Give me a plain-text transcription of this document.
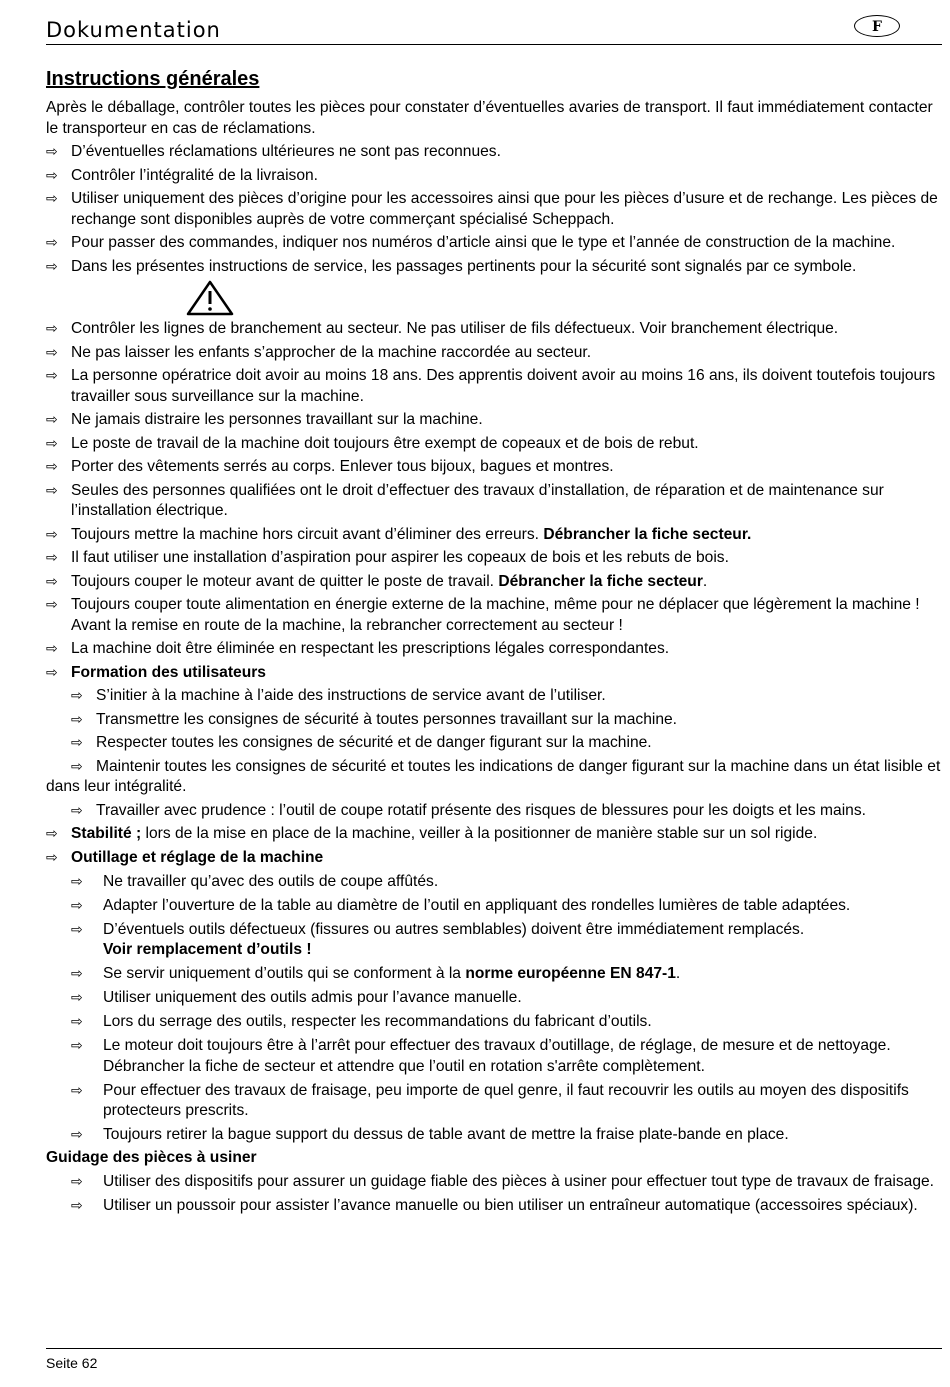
Dokumentation	F
Instructions générales

Après le déballage, contrôler toutes les pièces pour constater d’éventuelles avaries de transport. Il faut immédiatement contacter le transporteur en cas de réclamations.

⇨ D’éventuelles réclamations ultérieures ne sont pas reconnues.
⇨ Contrôler l’intégralité de la livraison.
⇨ Utiliser uniquement des pièces d’origine pour les accessoires ainsi que pour les pièces d’usure et de rechange. Les pièces de rechange sont disponibles auprès de votre commerçant spécialisé Scheppach.
⇨ Pour passer des commandes, indiquer nos numéros d’article ainsi que le type et l’année de construction de la machine.
⇨ Dans les présentes instructions de service, les passages pertinents pour la sécurité sont signalés par ce symbole.
⇨ Contrôler les lignes de branchement au secteur. Ne pas utiliser de fils défectueux. Voir branchement électrique.
⇨ Ne pas laisser les enfants s’approcher de la machine raccordée au secteur.
⇨ La personne opératrice doit avoir au moins 18 ans. Des apprentis doivent avoir au moins 16 ans, ils doivent toutefois toujours travailler sous surveillance sur la machine.
⇨ Ne jamais distraire les personnes travaillant sur la machine.
⇨ Le poste de travail de la machine doit toujours être exempt de copeaux et de bois de rebut.
⇨ Porter des vêtements serrés au corps. Enlever tous bijoux, bagues et montres.
⇨ Seules des personnes qualifiées ont le droit d’effectuer des travaux d’installation, de réparation et de maintenance sur l’installation électrique.
⇨ Toujours mettre la machine hors circuit avant d’éliminer des erreurs. Débrancher la fiche secteur.
⇨ Il faut utiliser une installation d’aspiration pour aspirer les copeaux de bois et les rebuts de bois.
⇨ Toujours couper le moteur avant de quitter le poste de travail. Débrancher la fiche secteur.
⇨ Toujours couper toute alimentation en énergie externe de la machine, même pour ne déplacer que légèrement la machine ! Avant la remise en route de la machine, la rebrancher correctement au secteur !
⇨ La machine doit être éliminée en respectant les prescriptions légales correspondantes.
⇨ Formation des utilisateurs
⇨ S’initier à la machine à l’aide des instructions de service avant de l’utiliser.
⇨ Transmettre les consignes de sécurité à toutes personnes travaillant sur la machine.
⇨ Respecter toutes les consignes de sécurité et de danger figurant sur la machine.
⇨ Maintenir toutes les consignes de sécurité et toutes les indications de danger figurant sur la machine dans un état lisible et dans leur intégralité.
⇨ Travailler avec prudence : l’outil de coupe rotatif présente des risques de blessures pour les doigts et les mains.
⇨ Stabilité ; lors de la mise en place de la machine, veiller à la positionner de manière stable sur un sol rigide.
⇨ Outillage et réglage de la machine
⇨ Ne travailler qu’avec des outils de coupe affûtés.
⇨ Adapter l’ouverture de la table au diamètre de l’outil en appliquant des rondelles lumières de table adaptées.
⇨ D’éventuels outils défectueux (fissures ou autres semblables) doivent être immédiatement remplacés.
Voir remplacement d’outils !
⇨ Se servir uniquement d’outils qui se conforment à la norme européenne EN 847-1.
⇨ Utiliser uniquement des outils admis pour l’avance manuelle.
⇨ Lors du serrage des outils, respecter les recommandations du fabricant d’outils.
⇨ Le moteur doit toujours être à l’arrêt pour effectuer des travaux d’outillage, de réglage, de mesure et de nettoyage. Débrancher la fiche de secteur et attendre que l’outil en rotation s'arrête complètement.
⇨ Pour effectuer des travaux de fraisage, peu importe de quel genre, il faut recouvrir les outils au moyen des dispositifs protecteurs prescrits.
⇨ Toujours retirer la bague support du dessus de table avant de mettre la fraise plate-bande en place.

Guidage des pièces à usiner

⇨ Utiliser des dispositifs pour assurer un guidage fiable des pièces à usiner pour effectuer tout type de travaux de fraisage.
⇨ Utiliser un poussoir pour assister l’avance manuelle ou bien utiliser un entraîneur automatique (accessoires spéciaux).
Seite 62
